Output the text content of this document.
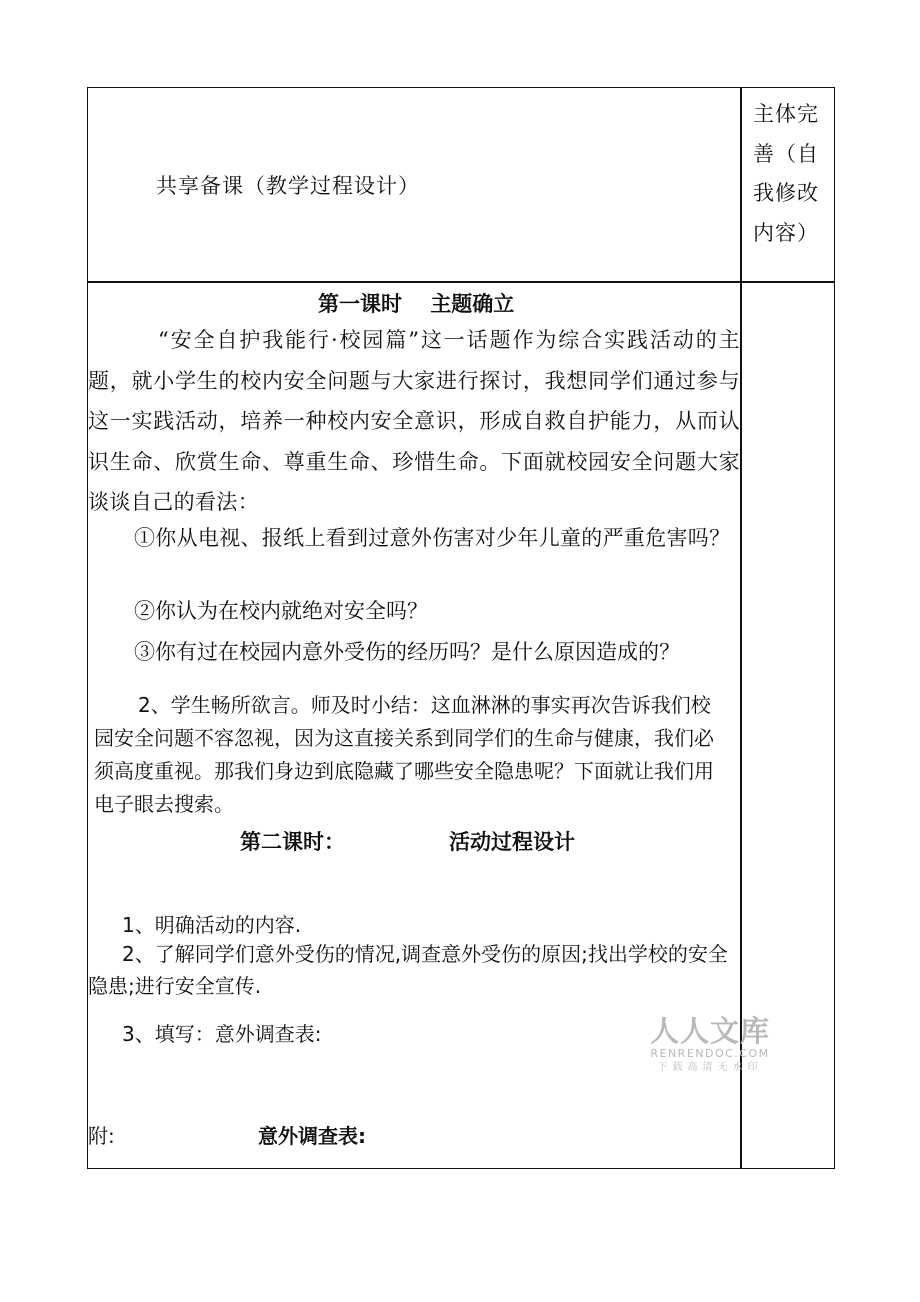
共享备课（教学过程设计）
主体完善（自我修改内容）
第一课时　 主题确立
“安全自护我能行·校园篇”这一话题作为综合实践活动的主题，就小学生的校内安全问题与大家进行探讨，我想同学们通过参与这一实践活动，培养一种校内安全意识，形成自救自护能力，从而认识生命、欣赏生命、尊重生命、珍惜生命。下面就校园安全问题大家谈谈自己的看法：
①你从电视、报纸上看到过意外伤害对少年儿童的严重危害吗？
②你认为在校内就绝对安全吗？
③你有过在校园内意外受伤的经历吗？是什么原因造成的？
2、学生畅所欲言。师及时小结：这血淋淋的事实再次告诉我们校园安全问题不容忽视，因为这直接关系到同学们的生命与健康，我们必须高度重视。那我们身边到底隐藏了哪些安全隐患呢？下面就让我们用电子眼去搜索。
第二课时：	活动过程设计
1、明确活动的内容.
2、了解同学们意外受伤的情况,调查意外受伤的原因;找出学校的安全隐患;进行安全宣传.
3、填写：意外调查表:
附:	意外调查表:
人人文库
RENRENDOC.COM
下载高清无水印
